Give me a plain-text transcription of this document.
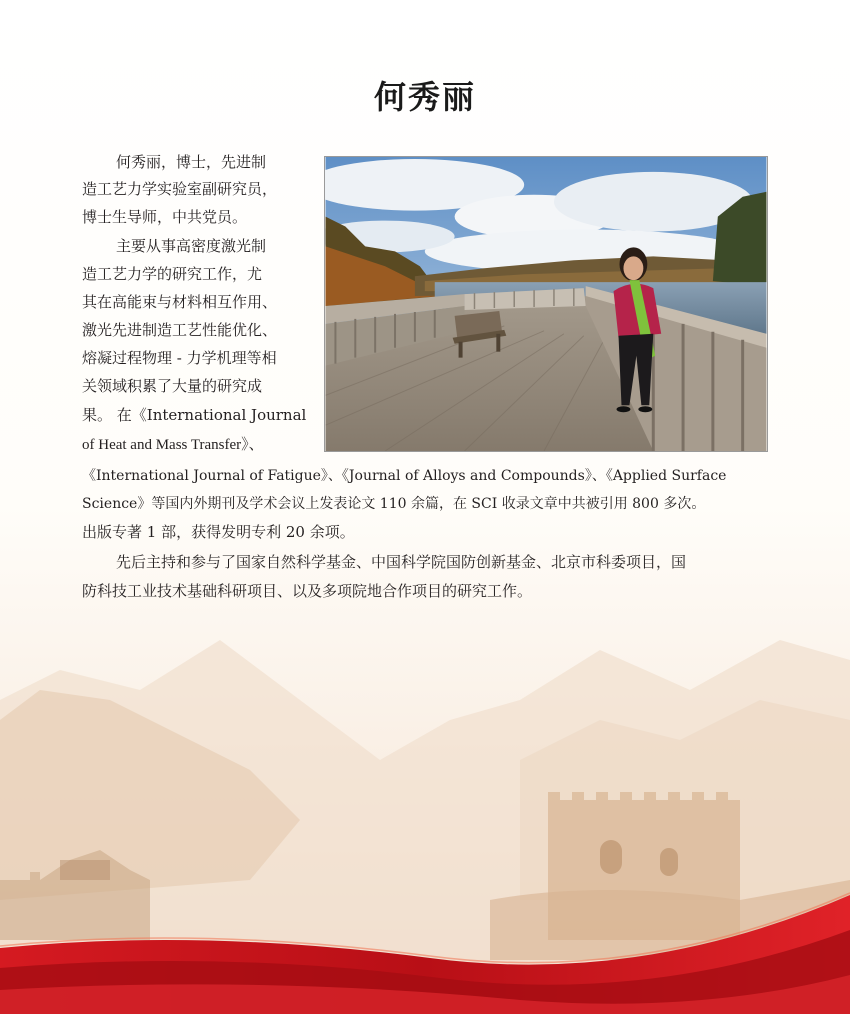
何秀丽
何秀丽，博士，先进制
造工艺力学实验室副研究员，
博士生导师，中共党员。
主要从事高密度激光制
造工艺力学的研究工作，尤
其在高能束与材料相互作用、
激光先进制造工艺性能优化、
熔凝过程物理 - 力学机理等相
关领域积累了大量的研究成
果。 在《International Journal
of Heat and Mass Transfer》、
《International Journal of Fatigue》、《Journal of Alloys and Compounds》、《Applied Surface
Science》等国内外期刊及学术会议上发表论文 110 余篇，在 SCI 收录文章中共被引用 800 多次。
出版专著 1 部，获得发明专利 20 余项。
先后主持和参与了国家自然科学基金、中国科学院国防创新基金、北京市科委项目，国
防科技工业技术基础科研项目、以及多项院地合作项目的研究工作。
